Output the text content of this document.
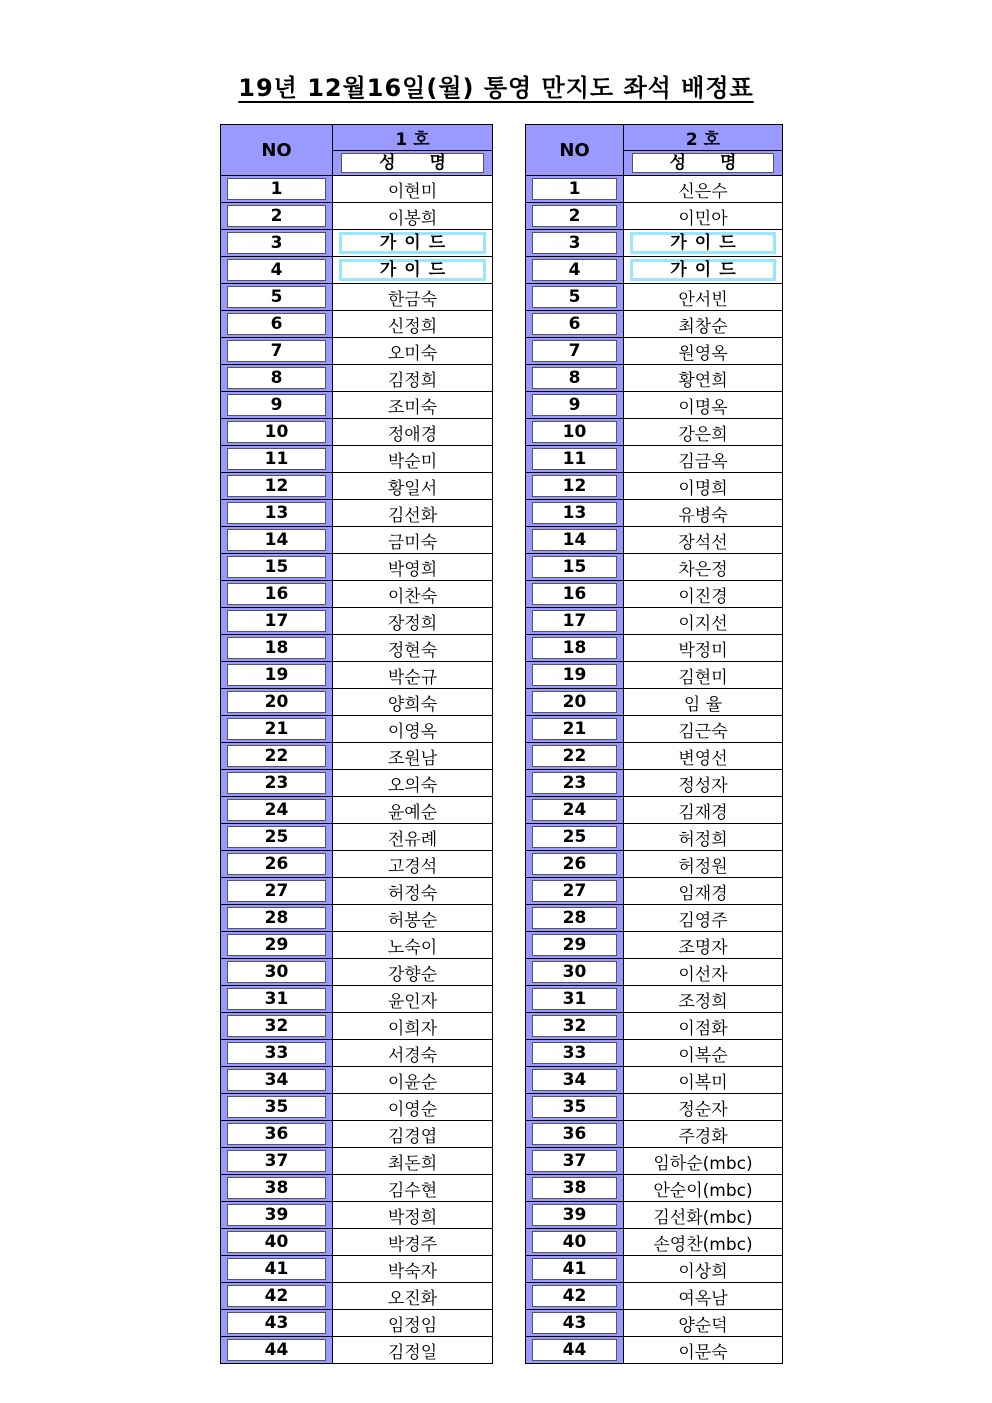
19년 12월16일(월) 통영 만지도 좌석 배정표
NO	1 호

	성 명

1	이현미

2	이봉희

3	가이드

4	가이드

5	한금숙

6	신정희

7	오미숙

8	김정희

9	조미숙

10	정애경

11	박순미

12	황일서

13	김선화

14	금미숙

15	박영희

16	이찬숙

17	장정희

18	정현숙

19	박순규

20	양희숙

21	이영옥

22	조원남

23	오의숙

24	윤예순

25	전유례

26	고경석

27	허정숙

28	허봉순

29	노숙이

30	강향순

31	윤인자

32	이희자

33	서경숙

34	이윤순

35	이영순

36	김경엽

37	최돈희

38	김수현

39	박정희

40	박경주

41	박숙자

42	오진화

43	임정임

44	김정일
NO	2 호

	성 명

1	신은수

2	이민아

3	가이드

4	가이드

5	안서빈

6	최창순

7	원영옥

8	황연희

9	이명옥

10	강은희

11	김금옥

12	이명희

13	유병숙

14	장석선

15	차은정

16	이진경

17	이지선

18	박정미

19	김현미

20	임 율

21	김근숙

22	변영선

23	정성자

24	김재경

25	허정희

26	허정원

27	임재경

28	김영주

29	조명자

30	이선자

31	조정희

32	이점화

33	이복순

34	이복미

35	정순자

36	주경화

37	임하순(mbc)

38	안순이(mbc)

39	김선화(mbc)

40	손영찬(mbc)

41	이상희

42	여옥남

43	양순덕

44	이문숙
